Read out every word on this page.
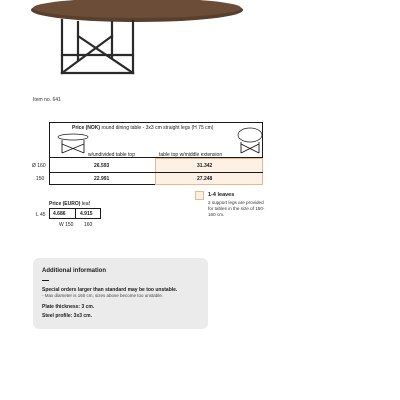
Item no. 641
Price (NOK) round dining table - 3x3 cm straight legs (H 75 cm)
w/undivided table top	table top w/middle extension
Ø 160	26.593	31.342
150	22.991	27.248
1-4 leaves
2 support legs are provided for tables in the size of 150-160 cm.
Price (EURO) leaf
L 45 4.686	4.915
W 150 160
Additional information
Special orders larger than standard may be too unstable.
- Max diameter is 160 cm, sizes above become too unstable.
Plate thickness: 3 cm.
Steel profile: 3x3 cm.
